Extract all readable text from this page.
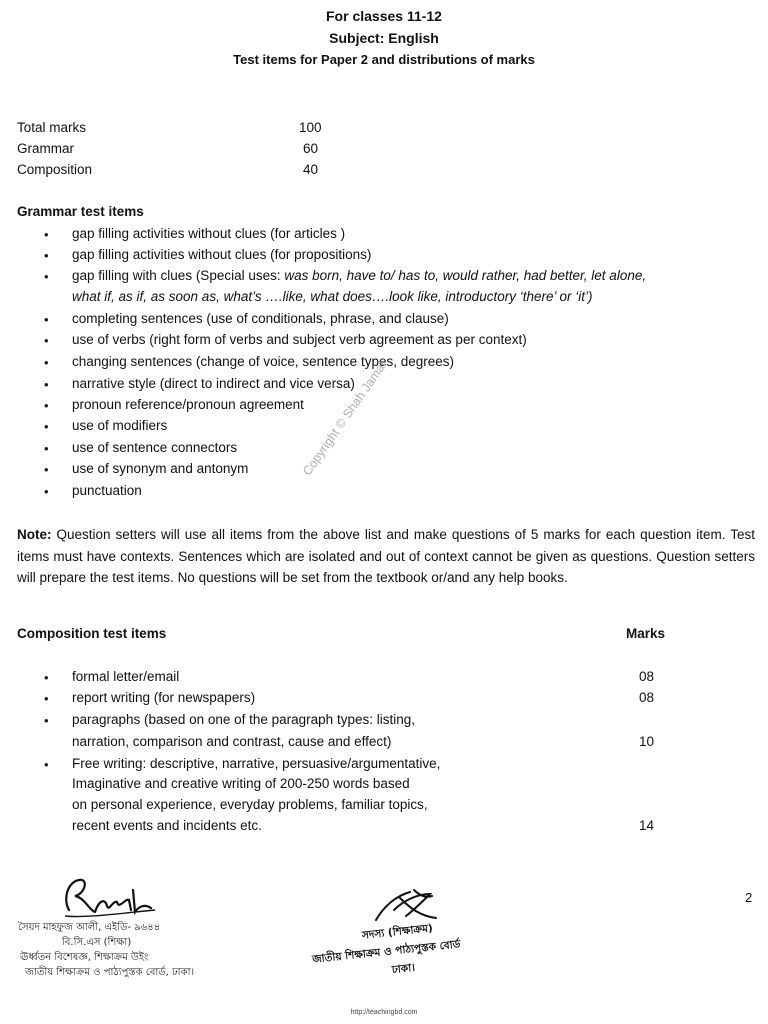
For classes 11-12
Subject: English
Test items for Paper 2 and distributions of marks
Total marks	100
Grammar	60
Composition	40
Grammar test items
• gap filling activities without clues (for articles )
• gap filling activities without clues (for propositions)
• gap filling with clues (Special uses: was born, have to/ has to, would rather, had better, let alone,
what if, as if, as soon as, what’s ….like, what does….look like, introductory ‘there’ or ‘it’)
• completing sentences (use of conditionals, phrase, and clause)
• use of verbs (right form of verbs and subject verb agreement as per context)
• changing sentences (change of voice, sentence types, degrees)
• narrative style (direct to indirect and vice versa)
• pronoun reference/pronoun agreement
• use of modifiers
• use of sentence connectors
• use of synonym and antonym
• punctuation
Copyright © Shah Jamal
Note: Question setters will use all items from the above list and make questions of 5 marks for each question item. Test items must have contexts. Sentences which are isolated and out of context cannot be given as questions. Question setters will prepare the test items. No questions will be set from the textbook or/and any help books.
Composition test items	Marks
• formal letter/email	08
• report writing (for newspapers)	08
• paragraphs (based on one of the paragraph types: listing,
narration, comparison and contrast, cause and effect)	10
• Free writing: descriptive, narrative, persuasive/argumentative,
Imaginative and creative writing of 200-250 words based
on personal experience, everyday problems, familiar topics,
recent events and incidents etc.	14
2
সৈয়দ মাহফুজ আলী, এইডি- ৯৬৪৪
বি.সি.এস (শিক্ষা)
ঊর্ধ্বতন বিশেষজ্ঞ, শিক্ষাক্রম উইং
জাতীয় শিক্ষাক্রম ও পাঠ্যপুস্তক বোর্ড, ঢাকা।
সদস্য (শিক্ষাক্রম)
জাতীয় শিক্ষাক্রম ও পাঠ্যপুস্তক বোর্ড
ঢাকা।
http://teachingbd.com
